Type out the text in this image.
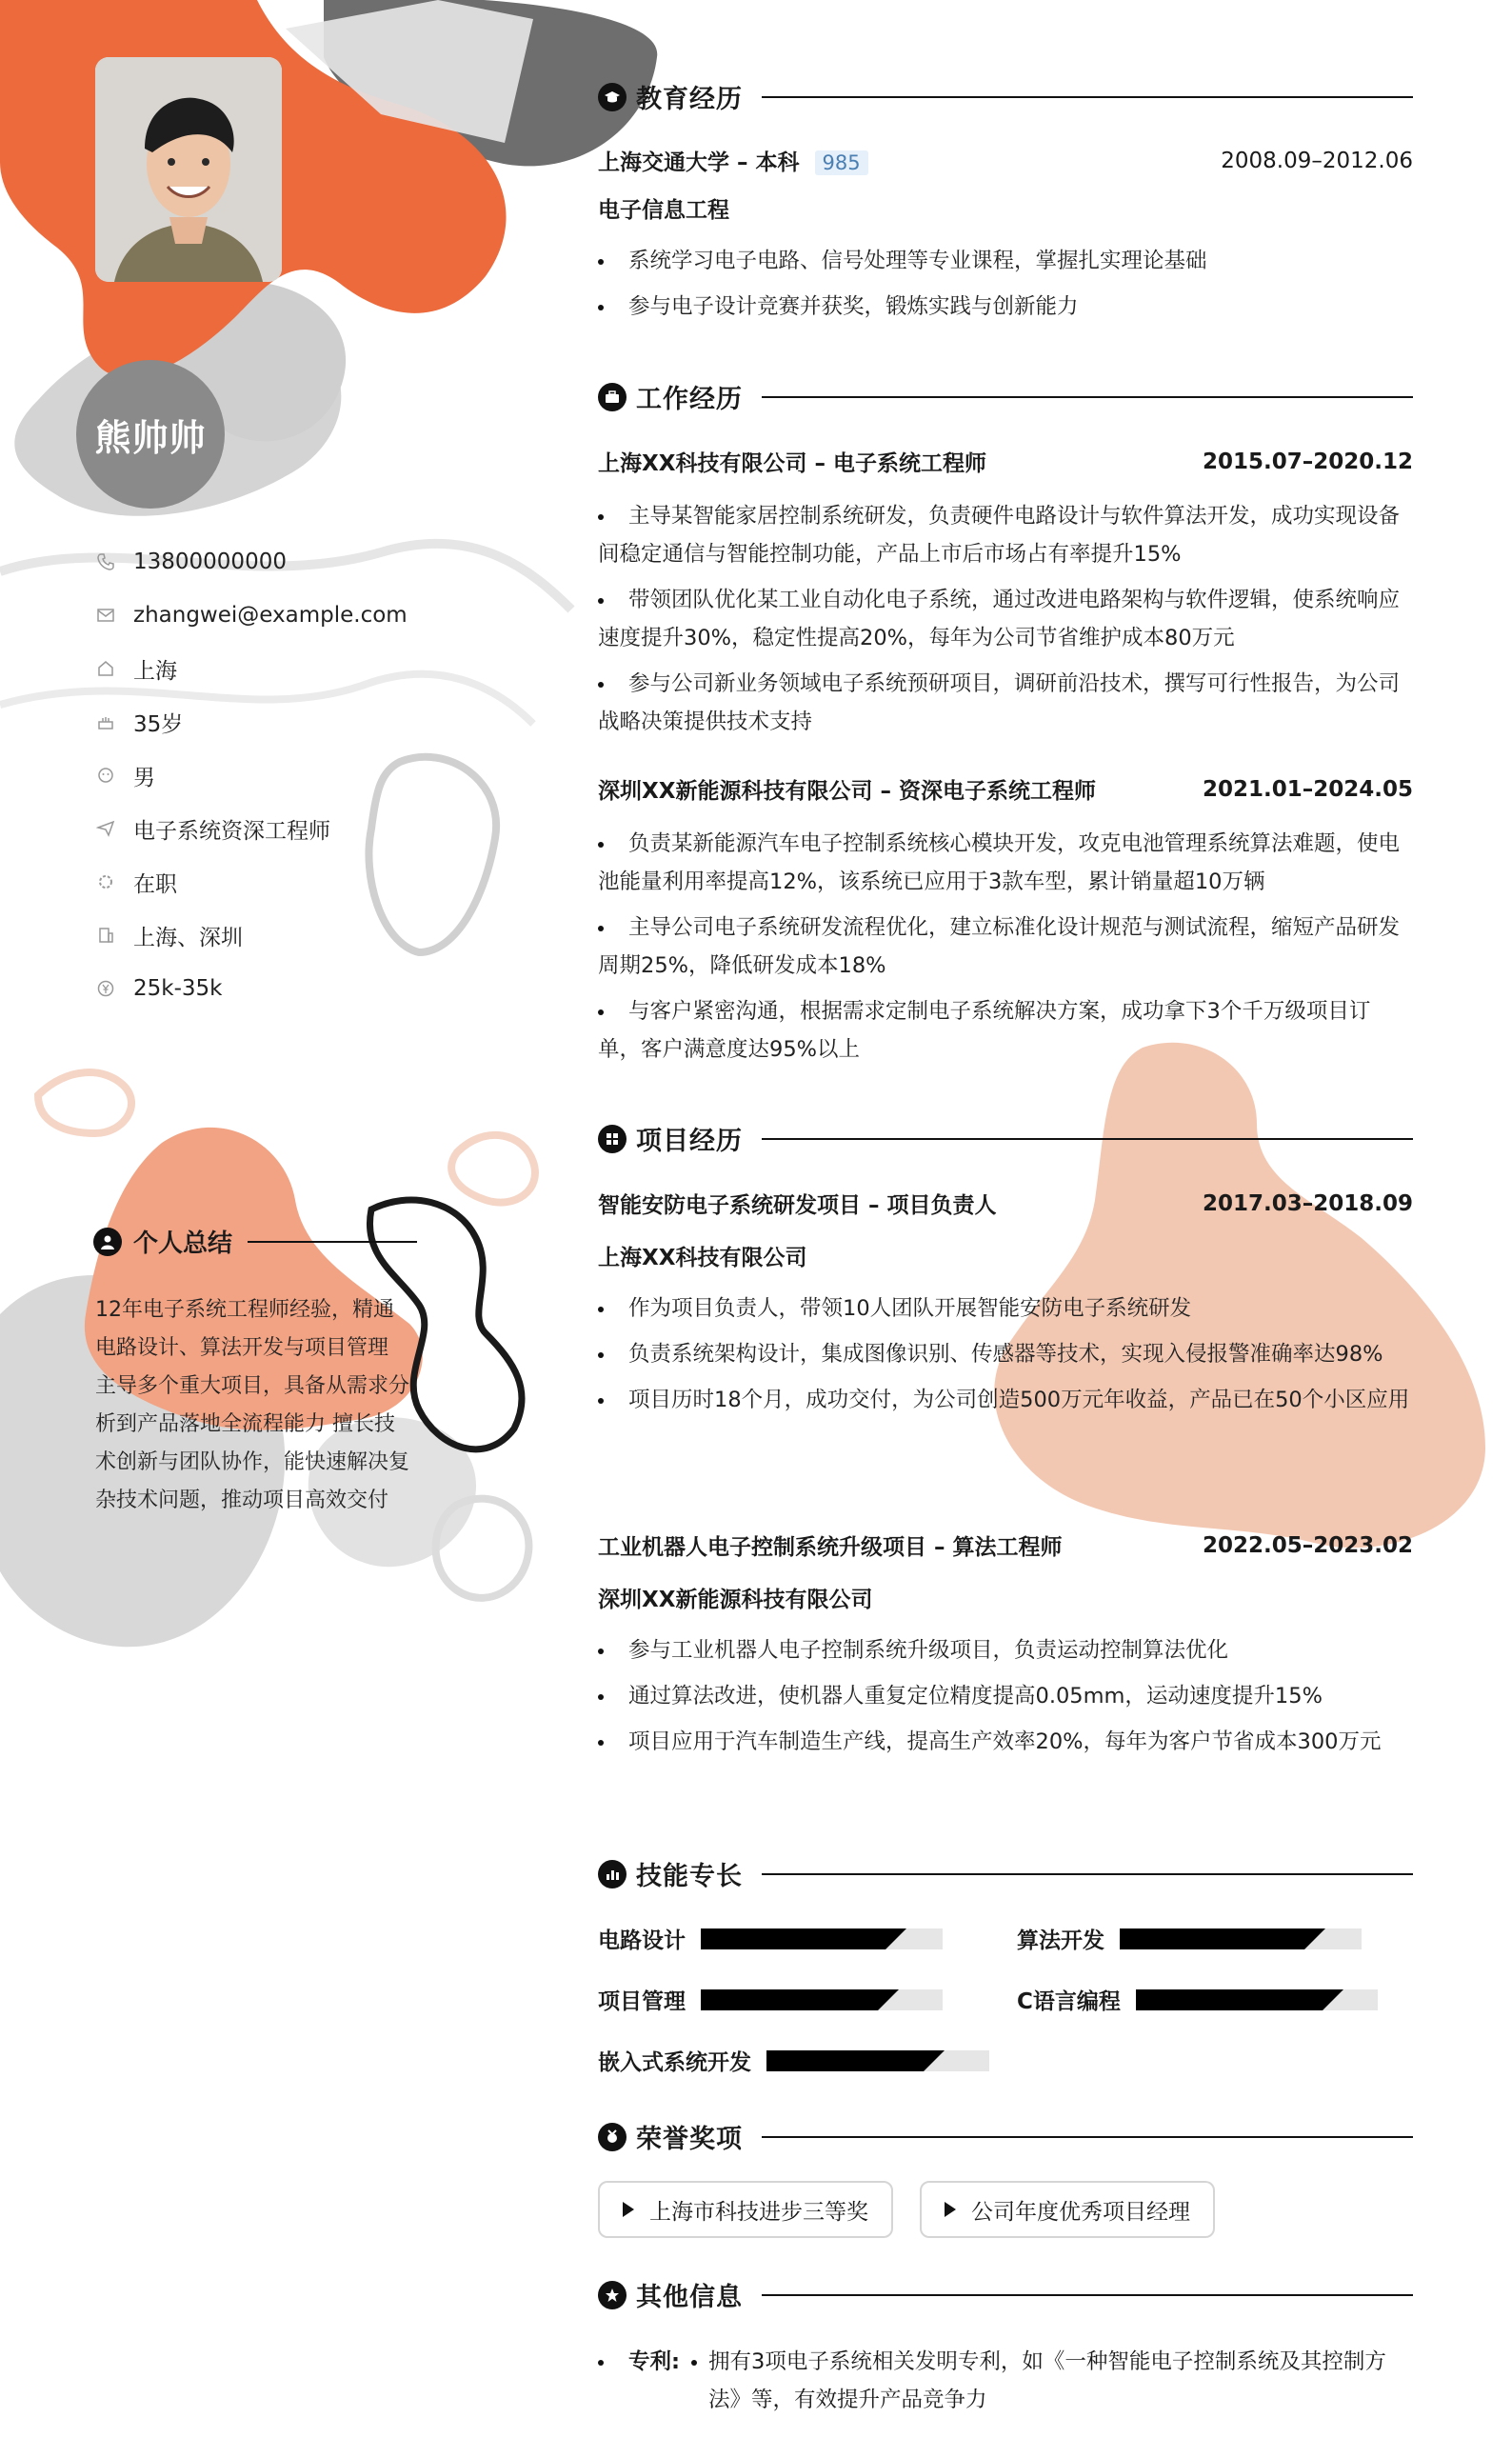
熊帅帅
13800000000
zhangwei@example.com
上海
35岁
男
电子系统资深工程师
在职
上海、深圳
25k-35k
个人总结
12年电子系统工程师经验，精通电路设计、算法开发与项目管理 主导多个重大项目，具备从需求分析到产品落地全流程能力 擅长技术创新与团队协作，能快速解决复杂技术问题，推动项目高效交付
教育经历
上海交通大学 – 本科 985	2008.09–2012.06
电子信息工程
系统学习电子电路、信号处理等专业课程，掌握扎实理论基础
参与电子设计竞赛并获奖，锻炼实践与创新能力
工作经历
上海XX科技有限公司 – 电子系统工程师	2015.07–2020.12
主导某智能家居控制系统研发，负责硬件电路设计与软件算法开发，成功实现设备间稳定通信与智能控制功能，产品上市后市场占有率提升15%
带领团队优化某工业自动化电子系统，通过改进电路架构与软件逻辑，使系统响应速度提升30%，稳定性提高20%，每年为公司节省维护成本80万元
参与公司新业务领域电子系统预研项目，调研前沿技术，撰写可行性报告，为公司战略决策提供技术支持
深圳XX新能源科技有限公司 – 资深电子系统工程师	2021.01–2024.05
负责某新能源汽车电子控制系统核心模块开发，攻克电池管理系统算法难题，使电池能量利用率提高12%，该系统已应用于3款车型，累计销量超10万辆
主导公司电子系统研发流程优化，建立标准化设计规范与测试流程，缩短产品研发周期25%，降低研发成本18%
与客户紧密沟通，根据需求定制电子系统解决方案，成功拿下3个千万级项目订单，客户满意度达95%以上
项目经历
智能安防电子系统研发项目 – 项目负责人	2017.03–2018.09
上海XX科技有限公司
作为项目负责人，带领10人团队开展智能安防电子系统研发
负责系统架构设计，集成图像识别、传感器等技术，实现入侵报警准确率达98%
项目历时18个月，成功交付，为公司创造500万元年收益，产品已在50个小区应用
工业机器人电子控制系统升级项目 – 算法工程师	2022.05–2023.02
深圳XX新能源科技有限公司
参与工业机器人电子控制系统升级项目，负责运动控制算法优化
通过算法改进，使机器人重复定位精度提高0.05mm，运动速度提升15%
项目应用于汽车制造生产线，提高生产效率20%，每年为客户节省成本300万元
技能专长
电路设计	算法开发
项目管理	C语言编程
嵌入式系统开发
荣誉奖项
上海市科技进步三等奖	公司年度优秀项目经理
其他信息
专利: 拥有3项电子系统相关发明专利，如《一种智能电子控制系统及其控制方法》等，有效提升产品竞争力
